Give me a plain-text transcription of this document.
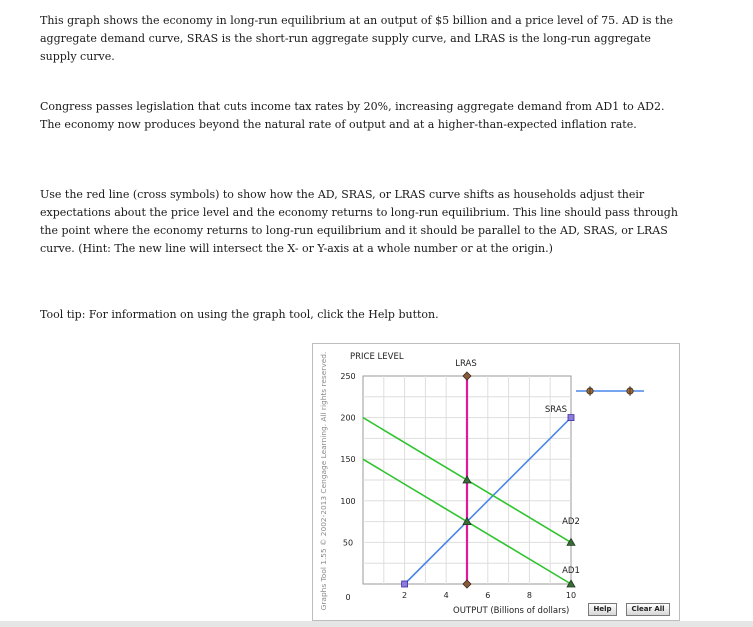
This graph shows the economy in long-run equilibrium at an output of $5 billion and a price level of 75. AD is the aggregate demand curve, SRAS is the short-run aggregate supply curve, and LRAS is the long-run aggregate supply curve.

Congress passes legislation that cuts income tax rates by 20%, increasing aggregate demand from AD1 to AD2. The economy now produces beyond the natural rate of output and at a higher-than-expected inflation rate.

Use the red line (cross symbols) to show how the AD, SRAS, or LRAS curve shifts as households adjust their expectations about the price level and the economy returns to long-run equilibrium. This line should pass through the point where the economy returns to long-run equilibrium and it should be parallel to the AD, SRAS, or LRAS curve. (Hint: The new line will intersect the X- or Y-axis at a whole number or at the origin.)

Tool tip: For information on using the graph tool, click the Help button.

Graphs Tool 1.55 © 2002-2013 Cengage Learning. All rights reserved.	PRICE LEVEL
OUTPUT (Billions of dollars)
50
100
150
200
250
0	2	4	6	8	10
LRAS
SRAS
AD1
AD2
Help	Clear All
